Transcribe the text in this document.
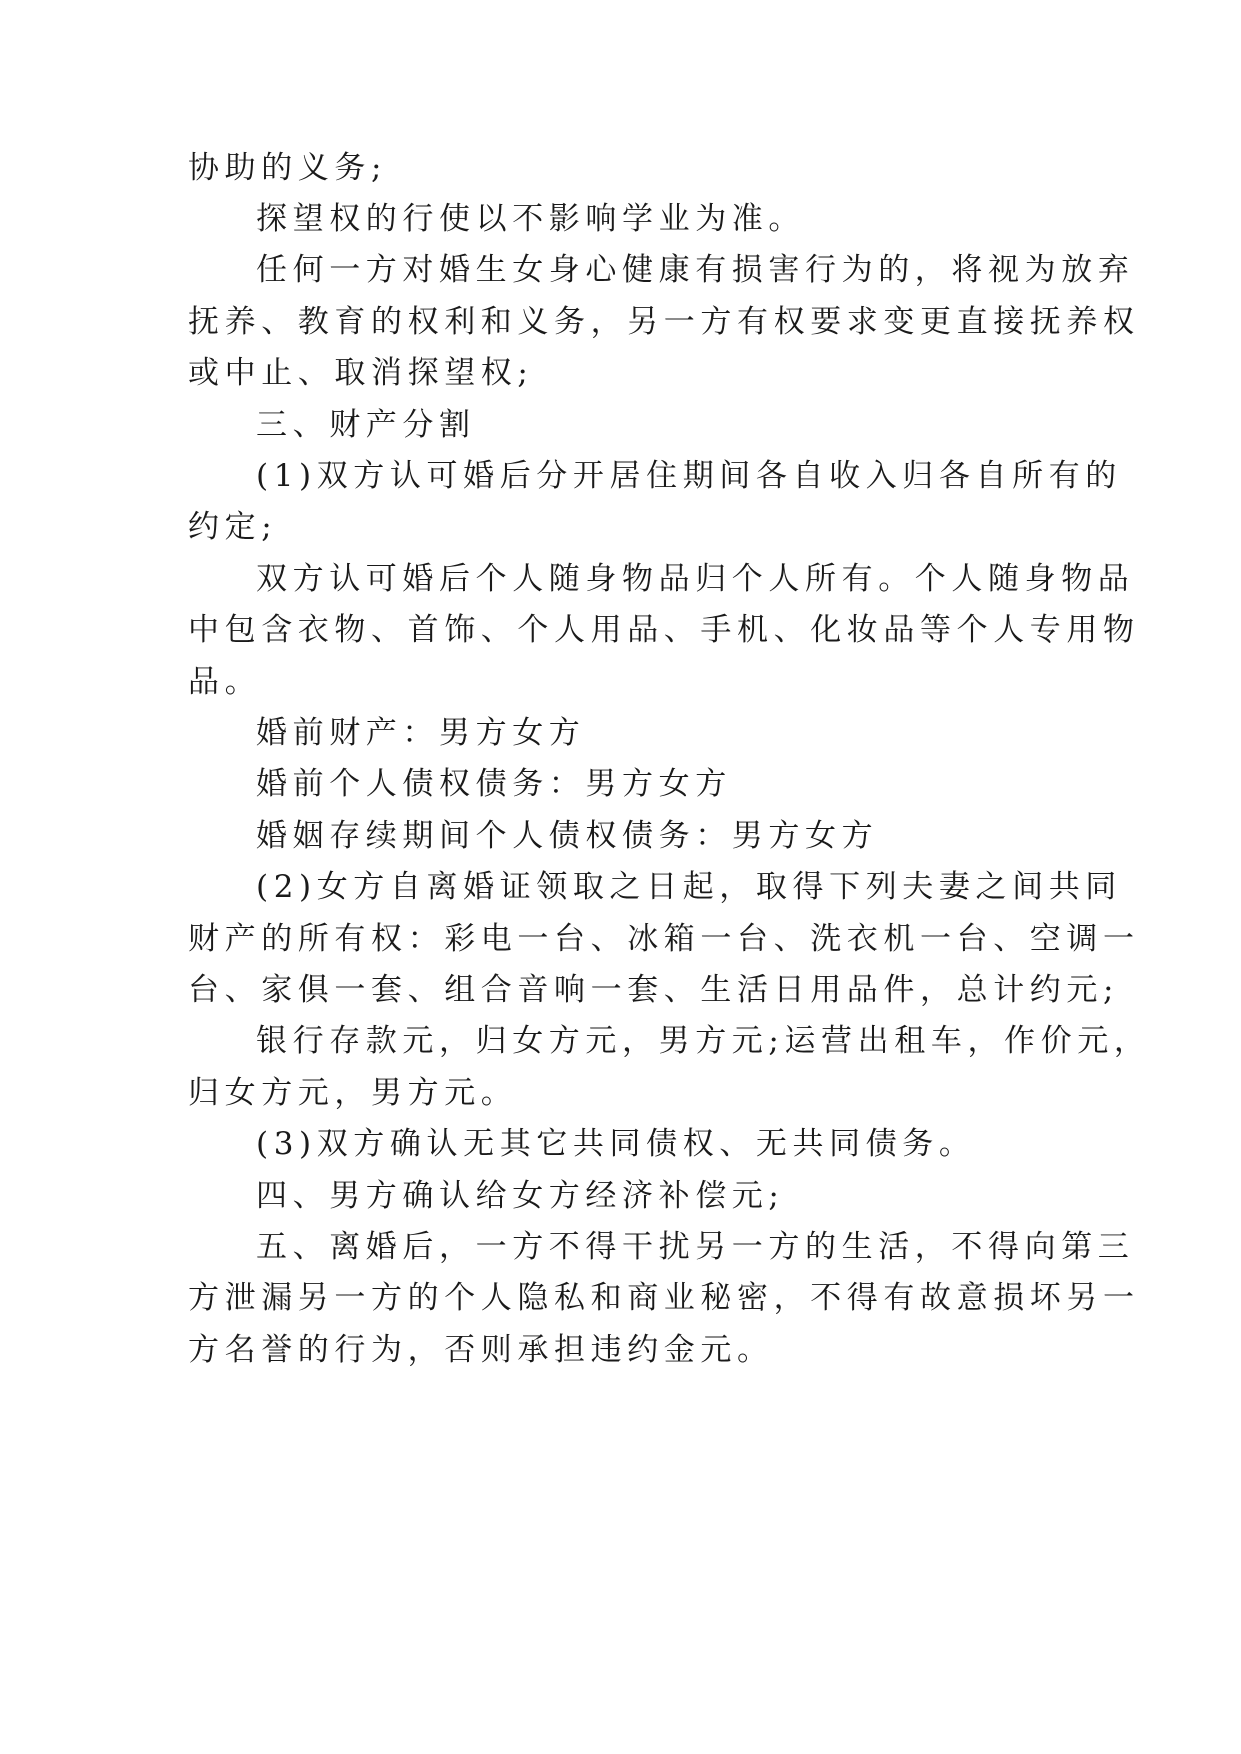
协助的义务;
探望权的行使以不影响学业为准。
任何一方对婚生女身心健康有损害行为的，将视为放弃
抚养、教育的权利和义务，另一方有权要求变更直接抚养权
或中止、取消探望权;
三、财产分割
(1)双方认可婚后分开居住期间各自收入归各自所有的
约定;
双方认可婚后个人随身物品归个人所有。个人随身物品
中包含衣物、首饰、个人用品、手机、化妆品等个人专用物
品。
婚前财产：男方女方
婚前个人债权债务：男方女方
婚姻存续期间个人债权债务：男方女方
(2)女方自离婚证领取之日起，取得下列夫妻之间共同
财产的所有权：彩电一台、冰箱一台、洗衣机一台、空调一
台、家俱一套、组合音响一套、生活日用品件，总计约元;
银行存款元，归女方元，男方元;运营出租车，作价元，
归女方元，男方元。
(3)双方确认无其它共同债权、无共同债务。
四、男方确认给女方经济补偿元;
五、离婚后，一方不得干扰另一方的生活，不得向第三
方泄漏另一方的个人隐私和商业秘密，不得有故意损坏另一
方名誉的行为，否则承担违约金元。
